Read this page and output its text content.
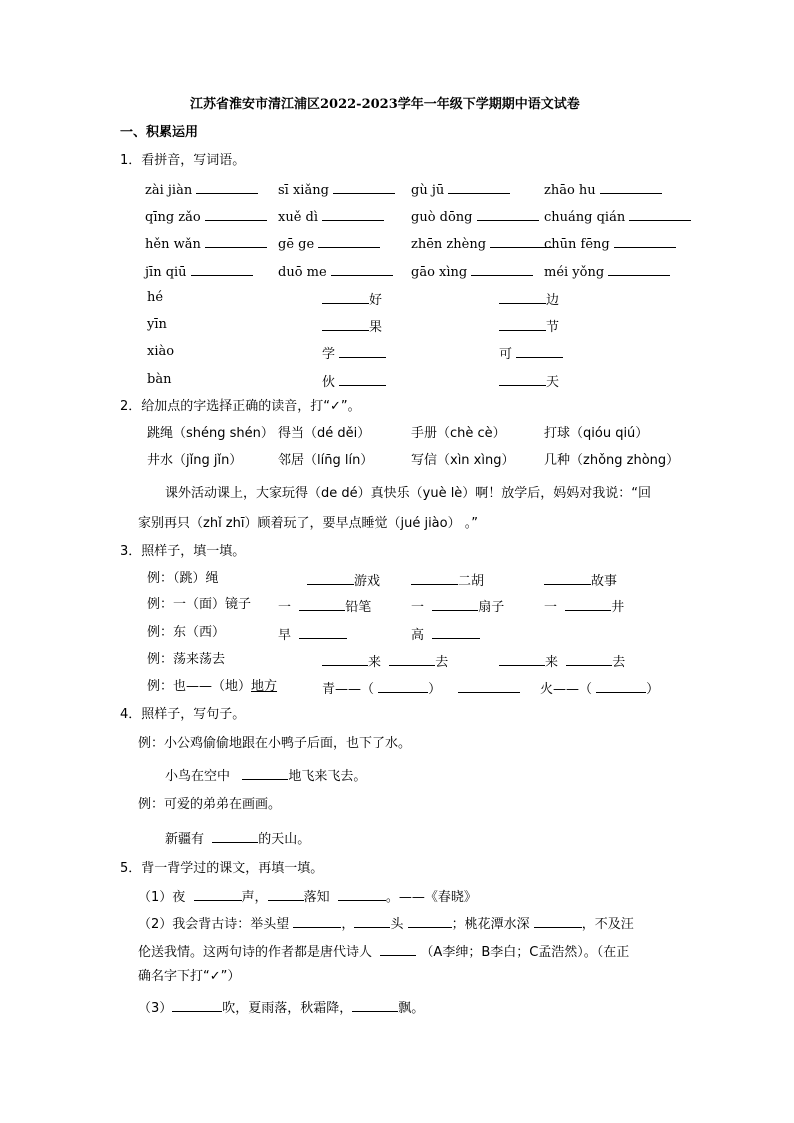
江苏省淮安市清江浦区2022-2023学年一年级下学期期中语文试卷
一、积累运用
1．看拼音，写词语。
zài jiàn	sī xiǎng	gù jū	zhāo hu
qīng zǎo	xuě dì	guò dōng	chuáng qián
hěn wǎn	gē ge	zhēn zhèng	chūn fēng
jīn qiū	duō me	gāo xìng	méi yǒng
hé	好	边
yīn	果	节
xiào	学	可
bàn	伙	天
2．给加点的字选择正确的读音，打“✓”。
跳绳（shéng shén） 得当（dé děi）	手册（chè cè）	打球（qióu qiú）
井水（jǐng jǐn）	邻居（lín̄g lín）	写信（xìn xìng） 几种（zhǒng zhòng）
课外活动课上，大家玩得（de dé）真快乐（yuè lè）啊！放学后，妈妈对我说：“回
家别再只（zhǐ zhī）顾着玩了，要早点睡觉（jué jiào） 。”
3．照样子，填一填。
例：（跳）绳	游戏	二胡	故事
例：一（面）镜子 一	铅笔	一	扇子	一	井
例：东（西）	早	高
例：荡来荡去	来	去	来	去
例：也——（地）地方	青——（	）	火——（	）
4．照样子，写句子。
例：小公鸡偷偷地跟在小鸭子后面，也下了水。
小鸟在空中	地飞来飞去。
例：可爱的弟弟在画画。
新疆有	的天山。
5．背一背学过的课文，再填一填。
（1）夜	声，	落知	。——《春晓》
（2）我会背古诗：举头望	，	头	；桃花潭水深	，不及汪
伦送我情。这两句诗的作者都是唐代诗人	（A李绅；B李白；C孟浩然）。（在正
确名字下打“✓”）
（3）	吹，夏雨落，秋霜降，	飘。
